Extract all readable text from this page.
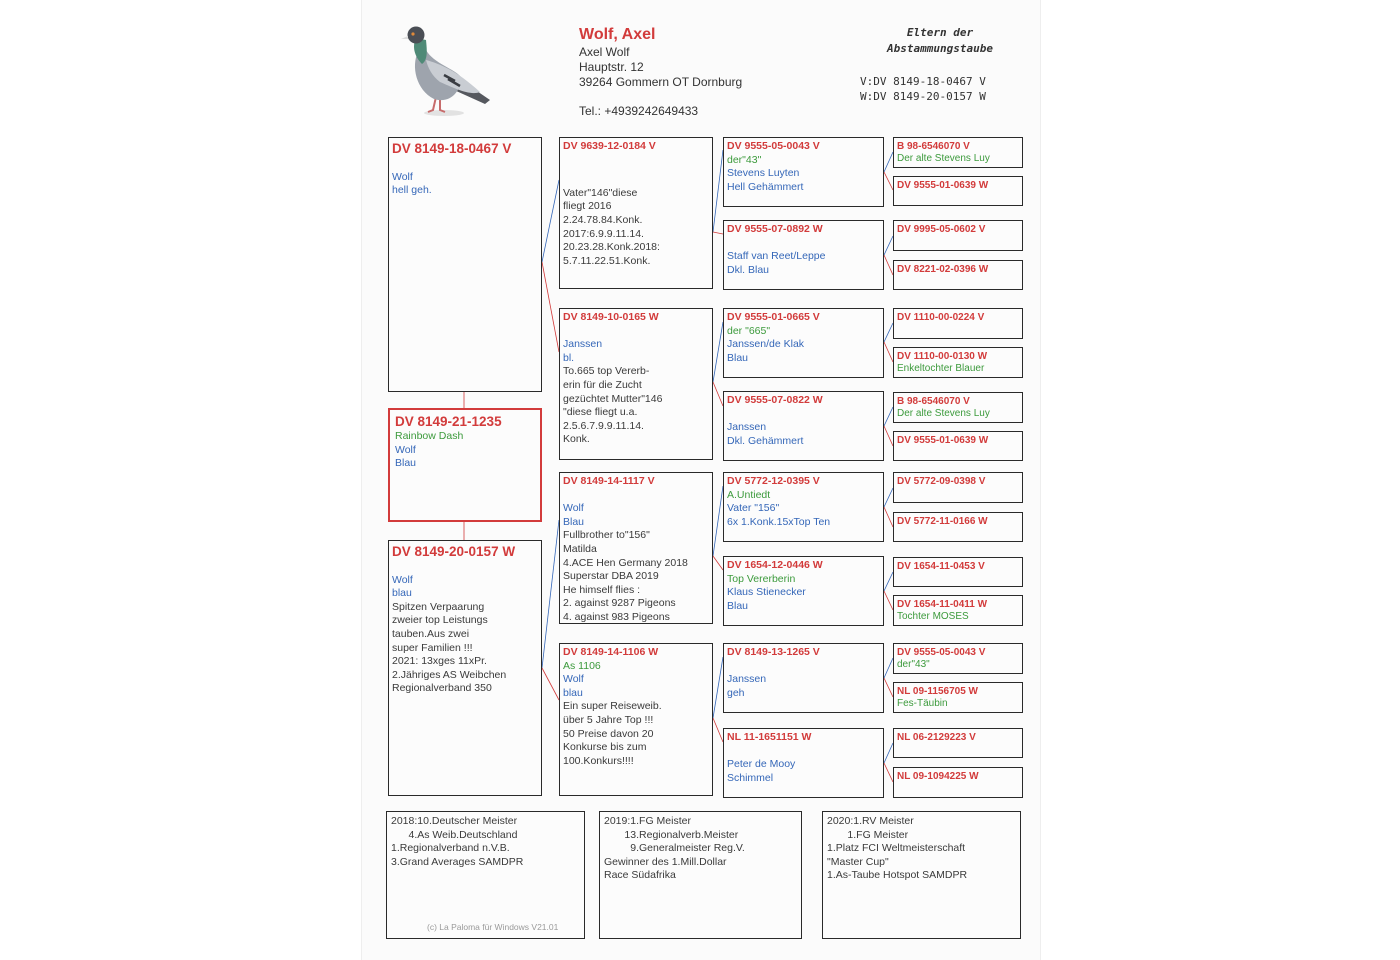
Wolf, Axel
Axel Wolf
Hauptstr. 12
39264 Gommern OT Dornburg
Tel.: +4939242649433
Eltern der
Abstammungstaube
V:DV 8149-18-0467 V
W:DV 8149-20-0157 W
DV 8149-18-0467 V
Wolf
hell geh.
DV 8149-21-1235
Rainbow Dash
Wolf
Blau
DV 8149-20-0157 W
Wolf
blau
Spitzen Verpaarung
zweier top Leistungs
tauben.Aus zwei
super Familien !!!
2021: 13xges 11xPr.
2.Jähriges AS Weibchen
Regionalverband 350
DV 9639-12-0184 V
Vater"146"diese
fliegt 2016
2.24.78.84.Konk.
2017:6.9.9.11.14.
20.23.28.Konk.2018:
5.7.11.22.51.Konk.
DV 8149-10-0165 W
Janssen
bl.
To.665 top Vererb-
erin für die Zucht
gezüchtet Mutter"146
"diese fliegt u.a.
2.5.6.7.9.9.11.14.
Konk.
DV 8149-14-1117 V
Wolf
Blau
Fullbrother to"156"
Matilda
4.ACE Hen Germany 2018
Superstar DBA 2019
He himself flies :
2. against 9287 Pigeons
4. against 983 Pigeons
DV 8149-14-1106 W
As 1106
Wolf
blau
Ein super Reiseweib.
über 5 Jahre Top !!!
50 Preise davon 20
Konkurse bis zum
100.Konkurs!!!!
DV 9555-05-0043 V
der"43"
Stevens Luyten
Hell Gehämmert
DV 9555-07-0892 W
Staff van Reet/Leppe
Dkl. Blau
DV 9555-01-0665 V
der "665"
Janssen/de Klak
Blau
DV 9555-07-0822 W
Janssen
Dkl. Gehämmert
DV 5772-12-0395 V
A.Untiedt
Vater "156"
6x 1.Konk.15xTop Ten
DV 1654-12-0446 W
Top Vererberin
Klaus Stienecker
Blau
DV 8149-13-1265 V
Janssen
geh
NL 11-1651151 W
Peter de Mooy
Schimmel
B 98-6546070 V
Der alte Stevens Luy
DV 9555-01-0639 W
DV 9995-05-0602 V
DV 8221-02-0396 W
DV 1110-00-0224 V
DV 1110-00-0130 W
Enkeltochter Blauer
B 98-6546070 V
Der alte Stevens Luy
DV 9555-01-0639 W
DV 5772-09-0398 V
DV 5772-11-0166 W
DV 1654-11-0453 V
DV 1654-11-0411 W
Tochter MOSES
DV 9555-05-0043 V
der"43"
NL 09-1156705 W
Fes-Täubin
NL 06-2129223 V
NL 09-1094225 W
2018:10.Deutscher Meister
4.As Weib.Deutschland
1.Regionalverband n.V.B.
3.Grand Averages SAMDPR
2019:1.FG Meister
13.Regionalverb.Meister
9.Generalmeister Reg.V.
Gewinner des 1.Mill.Dollar
Race Südafrika
2020:1.RV Meister
1.FG Meister
1.Platz FCI Weltmeisterschaft
"Master Cup"
1.As-Taube Hotspot SAMDPR
(c) La Paloma für Windows V21.01
